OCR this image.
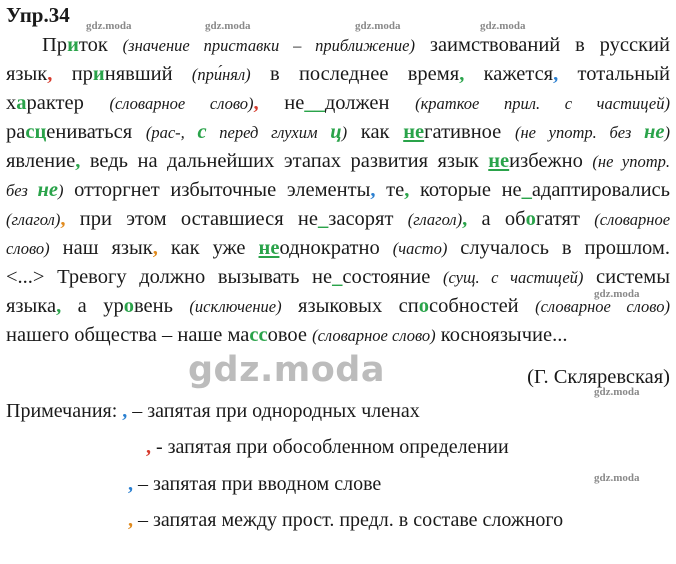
Упр.34	gdz.moda	gdz.moda	gdz.moda
gdz.moda
gdz.moda
gdz.moda
gdz.moda
gdz.moda
Приток (значение приставки – приближение) заимствований в русский
язык, принявший (при́нял) в последнее время, кажется, тотальный
характер (словарное слово), не__должен (краткое прил. с частицей)
расцениваться (рас-, с перед глухим ц) как негативное (не употр. без не)
явление, ведь на дальнейших этапах развития язык неизбежно (не употр.
без не) отторгнет избыточные элементы, те, которые не_адаптировались
(глагол), при этом оставшиеся не_засорят (глагол), а обогатят (словарное
слово) наш язык, как уже неоднократно (часто) случалось в прошлом.
<...> Тревогу должно вызывать не_состояние (сущ. с частицей) системы
языка, а уровень (исключение) языковых способностей (словарное слово)
нашего общества – наше массовое (словарное слово) косноязычие...
(Г. Скляревская)
Примечания: , – запятая при однородных членах
, - запятая при обособленном определении
, – запятая при вводном слове
, – запятая между прост. предл. в составе сложного
